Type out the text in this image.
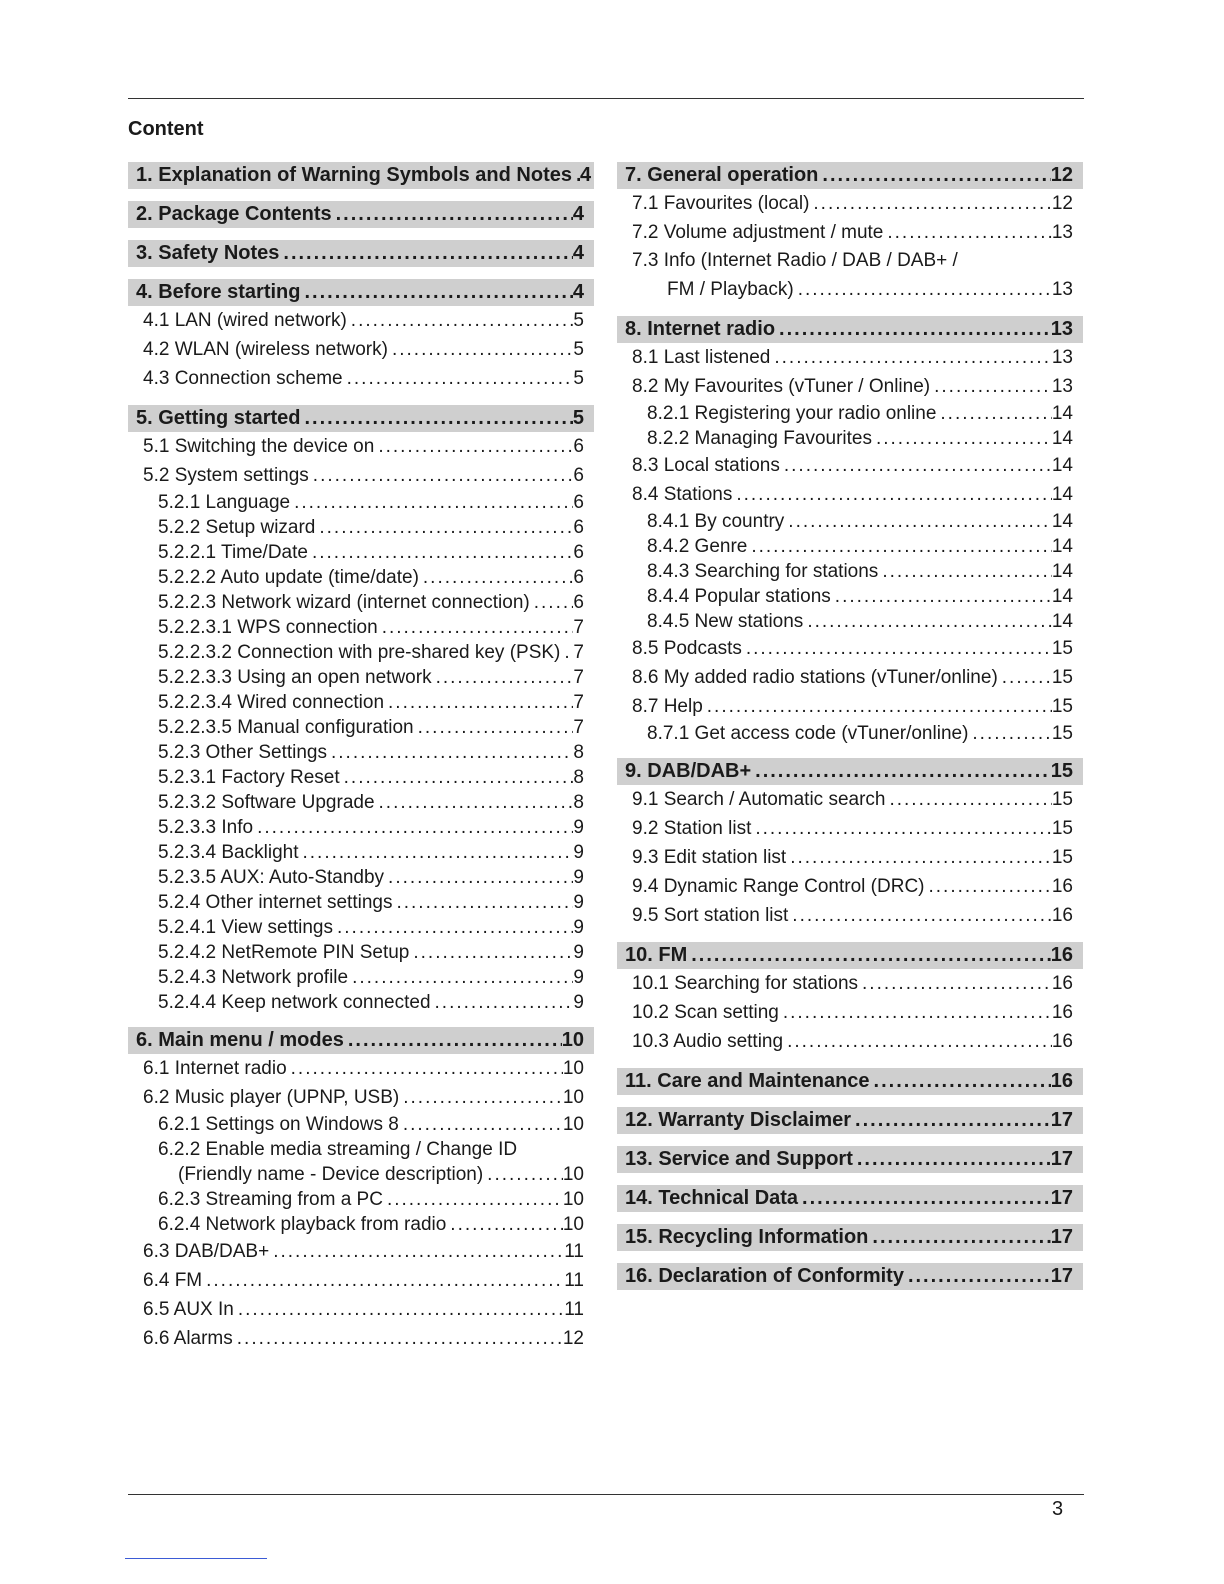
Content
1. Explanation of Warning Symbols and Notes ..... 4
2. Package Contents .....	4
3. Safety Notes .....	4
4. Before starting .....	4
4.1 LAN (wired network) .....	5
4.2 WLAN (wireless network) .....	5
4.3 Connection scheme .....	5
5. Getting started .....	5
5.1 Switching the device on .....	6
5.2 System settings .....	6
5.2.1 Language .....	6
5.2.2 Setup wizard .....	6
5.2.2.1 Time/Date .....	6
5.2.2.2 Auto update (time/date) .....	6
5.2.2.3 Network wizard (internet connection) ..... 6
5.2.2.3.1 WPS connection .....	7
5.2.2.3.2 Connection with pre-shared key (PSK) ..... 7
5.2.2.3.3 Using an open network .....	7
5.2.2.3.4 Wired connection .....	7
5.2.2.3.5 Manual configuration .....	7
5.2.3 Other Settings .....	8
5.2.3.1 Factory Reset .....	8
5.2.3.2 Software Upgrade .....	8
5.2.3.3 Info .....	9
5.2.3.4 Backlight .....	9
5.2.3.5 AUX: Auto-Standby .....	9
5.2.4 Other internet settings .....	9
5.2.4.1 View settings .....	9
5.2.4.2 NetRemote PIN Setup .....	9
5.2.4.3 Network profile .....	9
5.2.4.4 Keep network connected .....	9
6. Main menu / modes .....	10
6.1 Internet radio .....	10
6.2 Music player (UPNP, USB) .....	10
6.2.1 Settings on Windows 8 .....	10
6.2.2 Enable media streaming / Change ID
(Friendly name - Device description) .....	10
6.2.3 Streaming from a PC .....	10
6.2.4 Network playback from radio .....	10
6.3 DAB/DAB+ .....	11
6.4 FM .....	11
6.5 AUX In .....	11
6.6 Alarms .....	12
7. General operation .....	12
7.1 Favourites (local) .....	12
7.2 Volume adjustment / mute .....	13
7.3 Info (Internet Radio / DAB / DAB+ /
FM / Playback) .....	13
8. Internet radio .....	13
8.1 Last listened .....	13
8.2 My Favourites (vTuner / Online) .....	13
8.2.1 Registering your radio online .....	14
8.2.2 Managing Favourites .....	14
8.3 Local stations .....	14
8.4 Stations .....	14
8.4.1 By country .....	14
8.4.2 Genre .....	14
8.4.3 Searching for stations .....	14
8.4.4 Popular stations .....	14
8.4.5 New stations .....	14
8.5 Podcasts .....	15
8.6 My added radio stations (vTuner/online) .....	15
8.7 Help .....	15
8.7.1 Get access code (vTuner/online) .....	15
9. DAB/DAB+ .....	15
9.1 Search / Automatic search .....	15
9.2 Station list .....	15
9.3 Edit station list .....	15
9.4 Dynamic Range Control (DRC) .....	16
9.5 Sort station list .....	16
10. FM .....	16
10.1 Searching for stations .....	16
10.2 Scan setting .....	16
10.3 Audio setting .....	16
11. Care and Maintenance .....	16
12. Warranty Disclaimer .....	17
13. Service and Support .....	17
14. Technical Data .....	17
15. Recycling Information .....	17
16. Declaration of Conformity .....	17
3
